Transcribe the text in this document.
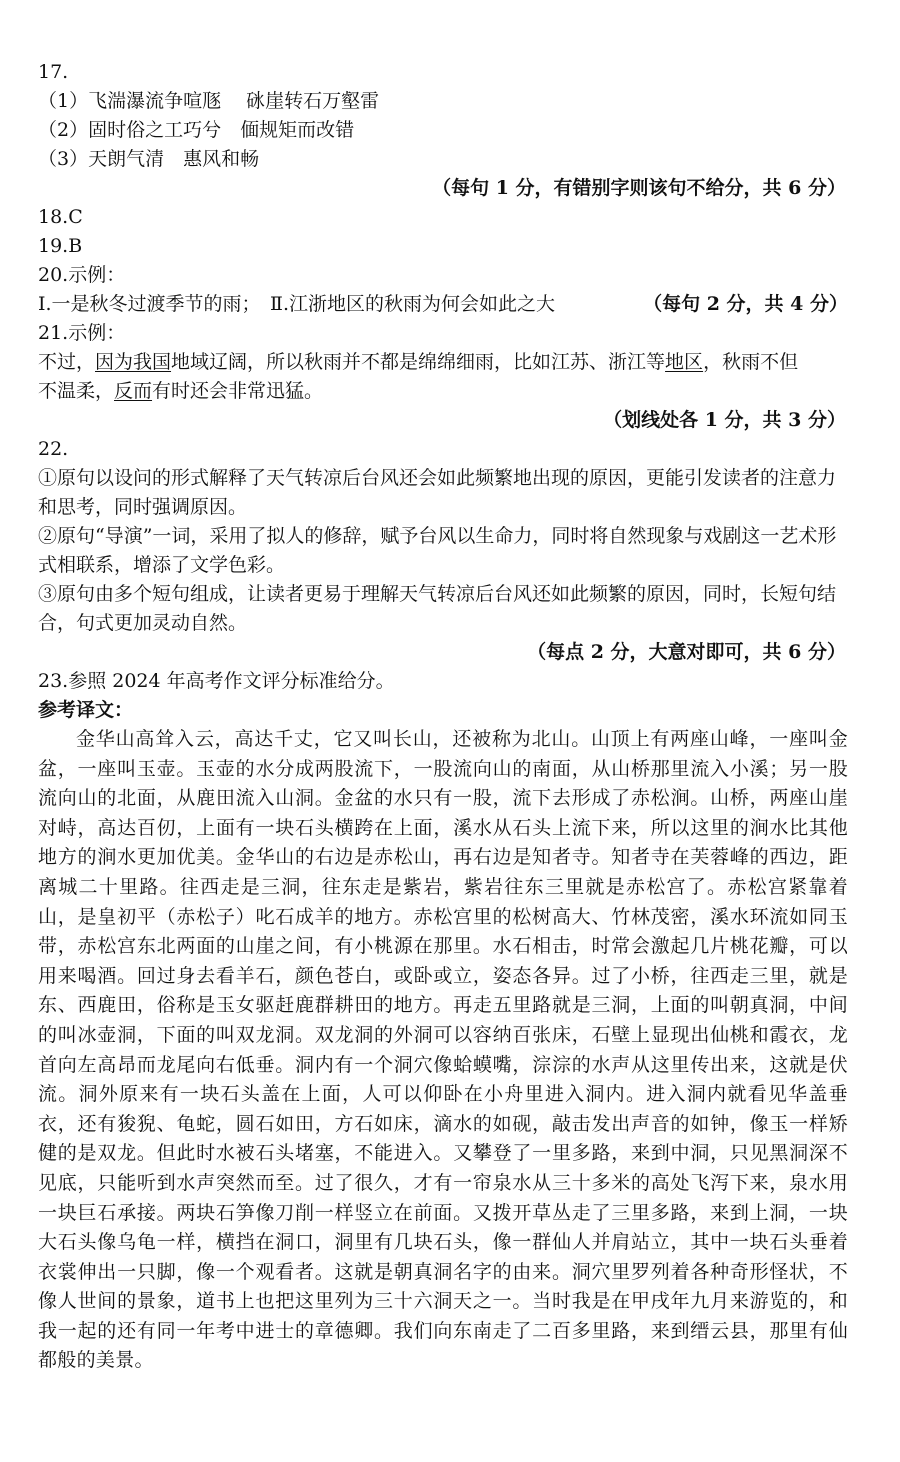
17.
（1）飞湍瀑流争喧豗　 砯崖转石万壑雷
（2）固时俗之工巧兮　偭规矩而改错
（3）天朗气清　惠风和畅
（每句 1 分，有错别字则该句不给分，共 6 分）
18.C
19.B
20.示例：
Ⅰ.一是秋冬过渡季节的雨；　Ⅱ.江浙地区的秋雨为何会如此之大	（每句 2 分，共 4 分）
21.示例：
不过，因为我国地域辽阔，所以秋雨并不都是绵绵细雨，比如江苏、浙江等地区，秋雨不但
不温柔，反而有时还会非常迅猛。
（划线处各 1 分，共 3 分）
22.
①原句以设问的形式解释了天气转凉后台风还会如此频繁地出现的原因，更能引发读者的注意力和思考，同时强调原因。
②原句“导演”一词，采用了拟人的修辞，赋予台风以生命力，同时将自然现象与戏剧这一艺术形式相联系，增添了文学色彩。
③原句由多个短句组成，让读者更易于理解天气转凉后台风还如此频繁的原因，同时，长短句结合，句式更加灵动自然。
（每点 2 分，大意对即可，共 6 分）
23.参照 2024 年高考作文评分标准给分。
参考译文：
金华山高耸入云，高达千丈，它又叫长山，还被称为北山。山顶上有两座山峰，一座叫金盆，一座叫玉壶。玉壶的水分成两股流下，一股流向山的南面，从山桥那里流入小溪；另一股流向山的北面，从鹿田流入山洞。金盆的水只有一股，流下去形成了赤松涧。山桥，两座山崖对峙，高达百仞，上面有一块石头横跨在上面，溪水从石头上流下来，所以这里的涧水比其他地方的涧水更加优美。金华山的右边是赤松山，再右边是知者寺。知者寺在芙蓉峰的西边，距离城二十里路。往西走是三洞，往东走是紫岩，紫岩往东三里就是赤松宫了。赤松宫紧靠着山，是皇初平（赤松子）叱石成羊的地方。赤松宫里的松树高大、竹林茂密，溪水环流如同玉带，赤松宫东北两面的山崖之间，有小桃源在那里。水石相击，时常会激起几片桃花瓣，可以用来喝酒。回过身去看羊石，颜色苍白，或卧或立，姿态各异。过了小桥，往西走三里，就是东、西鹿田，俗称是玉女驱赶鹿群耕田的地方。再走五里路就是三洞，上面的叫朝真洞，中间的叫冰壶洞，下面的叫双龙洞。双龙洞的外洞可以容纳百张床，石壁上显现出仙桃和霞衣，龙首向左高昂而龙尾向右低垂。洞内有一个洞穴像蛤蟆嘴，淙淙的水声从这里传出来，这就是伏流。洞外原来有一块石头盖在上面，人可以仰卧在小舟里进入洞内。进入洞内就看见华盖垂衣，还有狻猊、龟蛇，圆石如田，方石如床，滴水的如砚，敲击发出声音的如钟，像玉一样矫健的是双龙。但此时水被石头堵塞，不能进入。又攀登了一里多路，来到中洞，只见黑洞深不见底，只能听到水声突然而至。过了很久，才有一帘泉水从三十多米的高处飞泻下来，泉水用一块巨石承接。两块石笋像刀削一样竖立在前面。又拨开草丛走了三里多路，来到上洞，一块大石头像乌龟一样，横挡在洞口，洞里有几块石头，像一群仙人并肩站立，其中一块石头垂着衣裳伸出一只脚，像一个观看者。这就是朝真洞名字的由来。洞穴里罗列着各种奇形怪状，不像人世间的景象，道书上也把这里列为三十六洞天之一。当时我是在甲戌年九月来游览的，和我一起的还有同一年考中进士的章德卿。我们向东南走了二百多里路，来到缙云县，那里有仙都般的美景。
